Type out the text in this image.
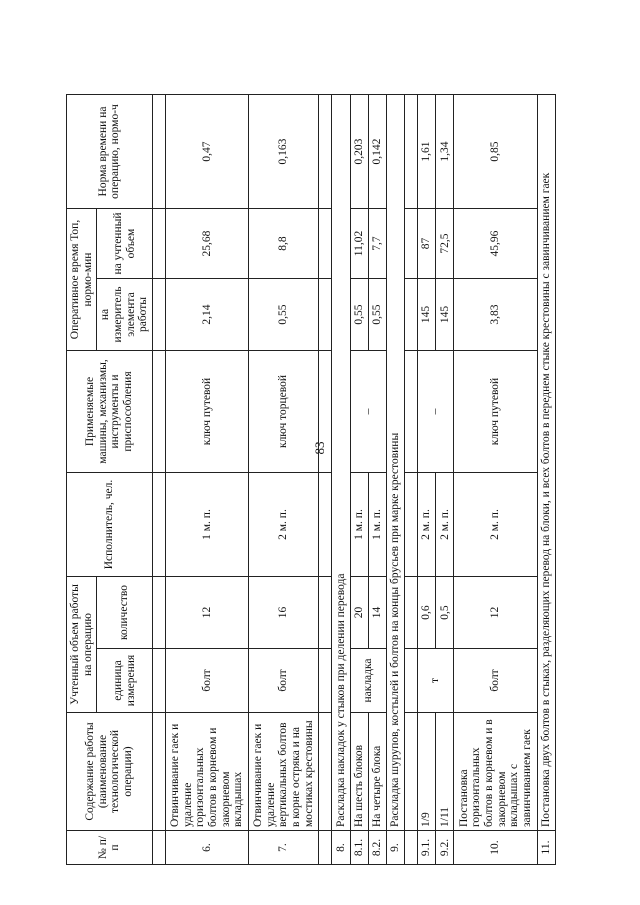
83
№ п/п	Содержание работы (наименование технологической операции)	Учтенный объем работы на операцию		Исполнитель, чел.	Применяемые машины, механизмы, инструменты и приспособления	Оперативное время Топ, нормо-мин		Норма времени на операцию, нормо-ч
		единица измерения	количество			на измеритель элемента работы	на учтенный объем	

6.	Отвинчивание гаек и удаление горизонтальных болтов в корневом и закорневом вкладышах	болт	12	1 м. п.	ключ путевой	2,14	25,68	0,47
7.	Отвинчивание гаек и удаление вертикальных болтов в корне остряка и на мостиках крестовины	болт	16	2 м. п.	ключ торцевой	0,55	8,8	0,163

8.	Раскладка накладок у стыков при делении перевода							
8.1.	На шесть блоков	накладка	20	1 м. п.	–	0,55	11,02	0,203
8.2.	На четыре блока		14	1 м. п.		0,55	7,7	0,142
9.	Раскладка шурупов, костылей и болтов на концы брусьев при марке крестовины							

9.1.	1/9	т	0,6	2 м. п.	–	145	87	1,61
9.2.	1/11		0,5	2 м. п.		145	72,5	1,34
10.	Постановка горизонтальных болтов в корневом и в закорневом вкладышах с завинчиванием гаек	болт	12	2 м. п.	ключ путевой	3,83	45,96	0,85
11.	Постановка двух болтов в стыках, разделяющих перевод на блоки, и всех болтов в переднем стыке крестовины с завинчиванием гаек							
